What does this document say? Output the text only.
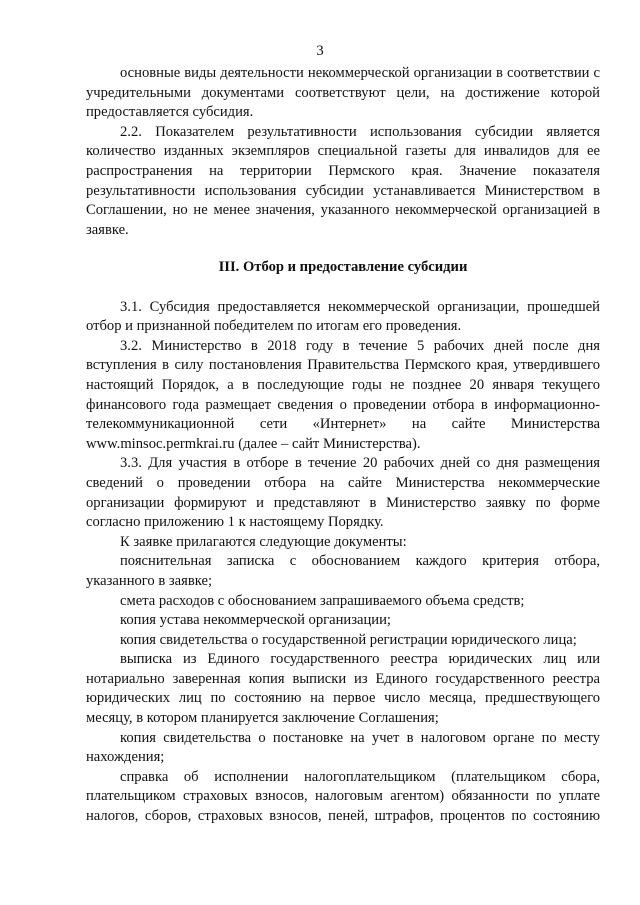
3

основные виды деятельности некоммерческой организации в соответствии с учредительными документами соответствуют цели, на достижение которой предоставляется субсидия.

2.2. Показателем результативности использования субсидии является количество изданных экземпляров специальной газеты для инвалидов для ее распространения на территории Пермского края. Значение показателя результативности использования субсидии устанавливается Министерством в Соглашении, но не менее значения, указанного некоммерческой организацией в заявке.

III. Отбор и предоставление субсидии

3.1. Субсидия предоставляется некоммерческой организации, прошедшей отбор и признанной победителем по итогам его проведения.

3.2. Министерство в 2018 году в течение 5 рабочих дней после дня вступления в силу постановления Правительства Пермского края, утвердившего настоящий Порядок, а в последующие годы не позднее 20 января текущего финансового года размещает сведения о проведении отбора в информационно-телекоммуникационной сети «Интернет» на сайте Министерства www.minsoc.permkrai.ru (далее – сайт Министерства).

3.3. Для участия в отборе в течение 20 рабочих дней со дня размещения сведений о проведении отбора на сайте Министерства некоммерческие организации формируют и представляют в Министерство заявку по форме согласно приложению 1 к настоящему Порядку.

К заявке прилагаются следующие документы:

пояснительная записка с обоснованием каждого критерия отбора, указанного в заявке;

смета расходов с обоснованием запрашиваемого объема средств;

копия устава некоммерческой организации;

копия свидетельства о государственной регистрации юридического лица;

выписка из Единого государственного реестра юридических лиц или нотариально заверенная копия выписки из Единого государственного реестра юридических лиц по состоянию на первое число месяца, предшествующего месяцу, в котором планируется заключение Соглашения;

копия свидетельства о постановке на учет в налоговом органе по месту нахождения;

справка об исполнении налогоплательщиком (плательщиком сбора, плательщиком страховых взносов, налоговым агентом) обязанности по уплате налогов, сборов, страховых взносов, пеней, штрафов, процентов по состоянию
